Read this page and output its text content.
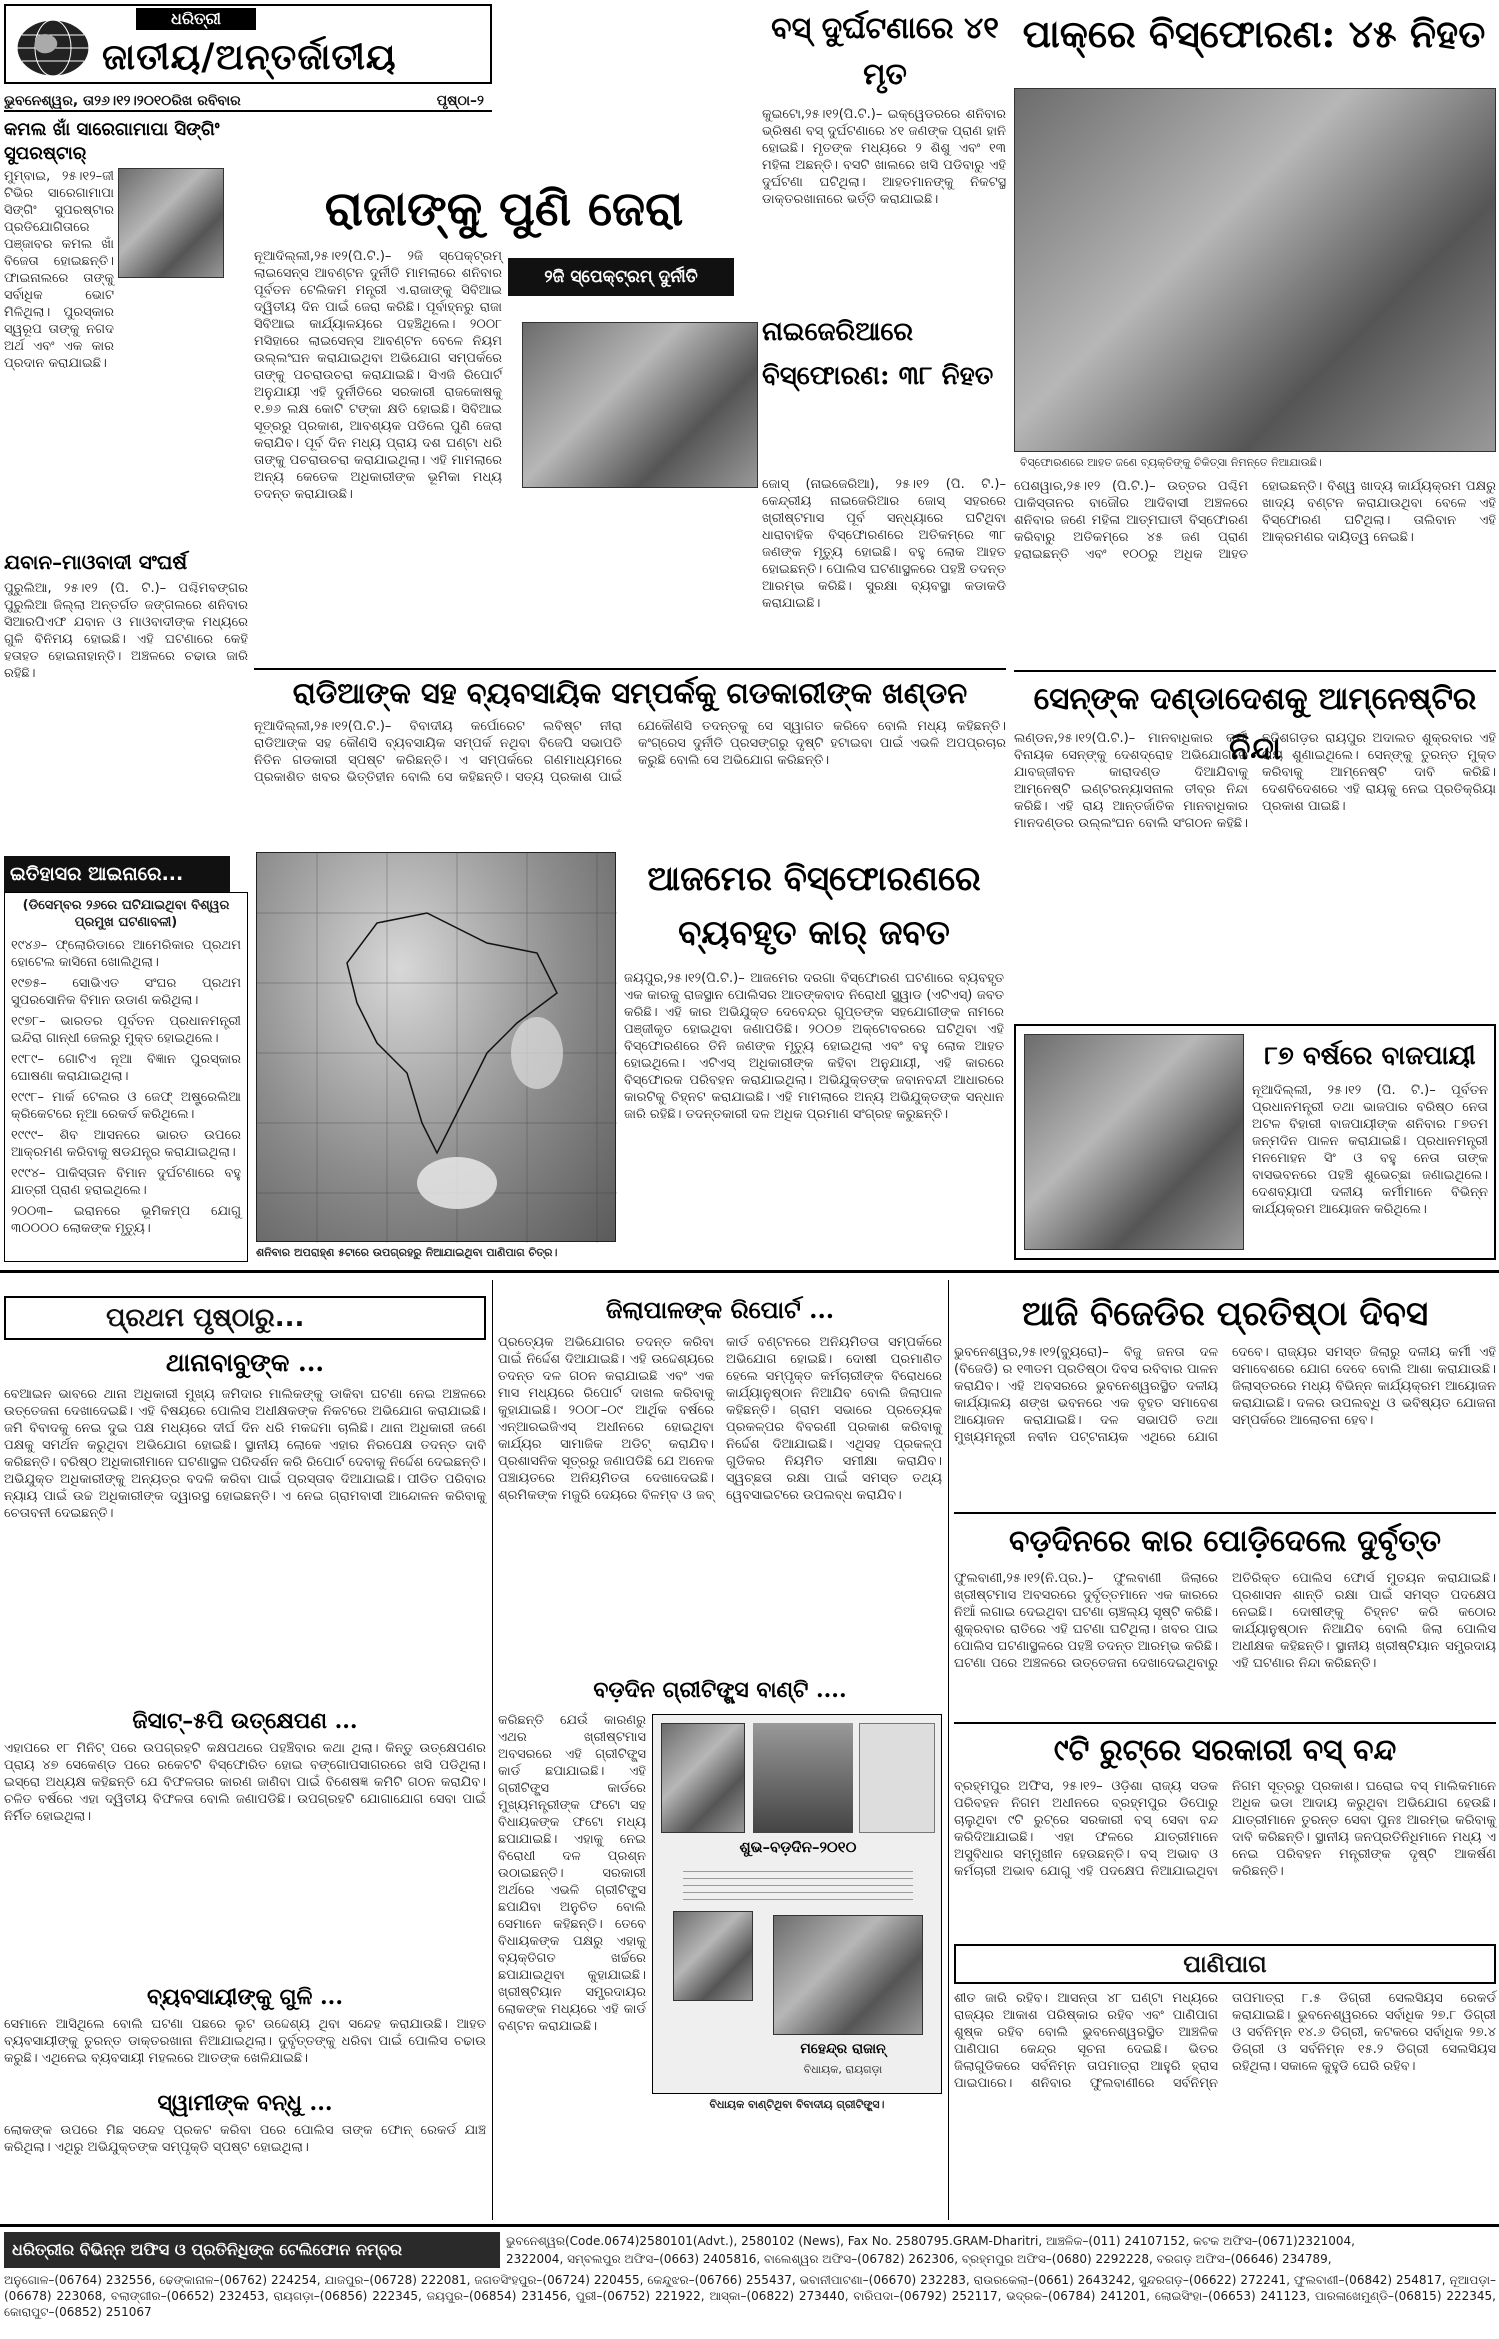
ଧରିତ୍ରୀ
ଜାତୀୟ/ଅନ୍ତର୍ଜାତୀୟ
ଭୁବନେଶ୍ୱର, ତା୨୬।୧୨।୨୦୧୦ରିଖ ରବିବାର	ପୃଷ୍ଠା–୨
ବସ୍ ଦୁର୍ଘଟଣାରେ ୪୧ ମୃତ
କୁଇଟୋ,୨୫।୧୨(ପି.ଟି.)– ଇକ୍ୱେଡରରେ ଶନିବାର ଭ୍ରିଷଣ ବସ୍ ଦୁର୍ଘଟଣାରେ ୪୧ ଜଣଙ୍କ ପ୍ରାଣ ହାନି ହୋଇଛି। ମୃତଙ୍କ ମଧ୍ୟରେ ୨ ଶିଶୁ ଏବଂ ୧୩ ମହିଳା ଅଛନ୍ତି। ବସଟି ଖାଲରେ ଖସି ପଡିବାରୁ ଏହି ଦୁର୍ଘଟଣା ଘଟିଥିଲା। ଆହତମାନଙ୍କୁ ନିକଟସ୍ଥ ଡାକ୍ତରଖାନାରେ ଭର୍ତ୍ତି କରାଯାଇଛି।
ପାକ୍‌ରେ ବିସ୍ଫୋରଣ: ୪୫ ନିହତ
ବିସ୍ଫୋରଣରେ ଆହତ ଜଣେ ବ୍ୟକ୍ତିଙ୍କୁ ଚିକିତ୍ସା ନିମନ୍ତେ ନିଆଯାଉଛି।
ପେଶୱାର,୨୫।୧୨ (ପି.ଟି.)– ଉତ୍ତର ପଶ୍ଚିମ ପାକିସ୍ତାନର ବାଜୌର ଆଦିବାସୀ ଅଞ୍ଚଳରେ ଶନିବାର ଜଣେ ମହିଳା ଆତ୍ମଘାତୀ ବିସ୍ଫୋରଣ କରିବାରୁ ଅତିକମ୍‌ରେ ୪୫ ଜଣ ପ୍ରାଣ ହରାଇଛନ୍ତି ଏବଂ ୧୦୦ରୁ ଅଧିକ ଆହତ ହୋଇଛନ୍ତି। ବିଶ୍ୱ ଖାଦ୍ୟ କାର୍ଯ୍ୟକ୍ରମ ପକ୍ଷରୁ ଖାଦ୍ୟ ବଣ୍ଟନ କରାଯାଉଥିବା ବେଳେ ଏହି ବିସ୍ଫୋରଣ ଘଟିଥିଲା। ତାଲିବାନ ଏହି ଆକ୍ରମଣର ଦାୟିତ୍ୱ ନେଇଛି।
କମଲ ଖାଁ ସାରେଗାମାପା ସିଙ୍ଗିଂ ସୁପରଷ୍ଟାର୍
ମୁମ୍ବାଇ, ୨୫।୧୨–ଜୀ ଟିଭିର ସାରେଗାମାପା ସିଙ୍ଗିଂ ସୁପରଷ୍ଟାର ପ୍ରତିଯୋଗିତାରେ ପଞ୍ଜାବର କମଲ ଖାଁ ବିଜେତା ହୋଇଛନ୍ତି। ଫାଇନାଲରେ ତାଙ୍କୁ ସର୍ବାଧିକ ଭୋଟ ମିଳିଥିଲା। ପୁରସ୍କାର ସ୍ୱରୂପ ତାଙ୍କୁ ନଗଦ ଅର୍ଥ ଏବଂ ଏକ କାର ପ୍ରଦାନ କରାଯାଇଛି।
ଯବାନ–ମାଓବାଦୀ ସଂଘର୍ଷ
ପୁରୁଲିଆ, ୨୫।୧୨ (ପି. ଟି.)– ପଶ୍ଚିମବଙ୍ଗର ପୁରୁଲିଆ ଜିଲ୍ଲା ଅନ୍ତର୍ଗତ ଜଙ୍ଗଲରେ ଶନିବାର ସିଆରପିଏଫ ଯବାନ ଓ ମାଓବାଦୀଙ୍କ ମଧ୍ୟରେ ଗୁଳି ବିନିମୟ ହୋଇଛି। ଏହି ଘଟଣାରେ କେହି ହତାହତ ହୋଇନାହାନ୍ତି। ଅଞ୍ଚଳରେ ଚଢାଉ ଜାରି ରହିଛି।
ରାଜାଙ୍କୁ ପୁଣି ଜେରା
୨ଜି ସ୍ପେକ୍‌ଟ୍ରମ୍ ଦୁର୍ନୀତି
ନୂଆଦିଲ୍ଲୀ,୨୫।୧୨(ପି.ଟି.)– ୨ଜି ସ୍ପେକ୍‌ଟ୍ରମ୍ ଲାଇସେନ୍ସ ଆବଣ୍ଟନ ଦୁର୍ନୀତି ମାମଲାରେ ଶନିବାର ପୂର୍ବତନ ଟେଲିକମ ମନ୍ତ୍ରୀ ଏ.ରାଜାଙ୍କୁ ସିବିଆଇ ଦ୍ୱିତୀୟ ଦିନ ପାଇଁ ଜେରା କରିଛି। ପୂର୍ବାହ୍ନରୁ ରାଜା ସିବିଆଇ କାର୍ଯ୍ୟାଳୟରେ ପହଞ୍ଚିଥିଲେ। ୨୦୦୮ ମସିହାରେ ଲାଇସେନ୍ସ ଆବଣ୍ଟନ ବେଳେ ନିୟମ ଉଲ୍ଲଂଘନ କରାଯାଇଥିବା ଅଭିଯୋଗ ସମ୍ପର୍କରେ ତାଙ୍କୁ ପଚରାଉଚରା କରାଯାଇଛି। ସିଏଜି ରିପୋର୍ଟ ଅନୁଯାୟୀ ଏହି ଦୁର୍ନୀତିରେ ସରକାରୀ ରାଜକୋଷକୁ ୧.୭୬ ଲକ୍ଷ କୋଟି ଟଙ୍କା କ୍ଷତି ହୋଇଛି। ସିବିଆଇ ସୂତ୍ରରୁ ପ୍ରକାଶ, ଆବଶ୍ୟକ ପଡିଲେ ପୁଣି ଜେରା କରାଯିବ। ପୂର୍ବ ଦିନ ମଧ୍ୟ ପ୍ରାୟ ଦଶ ଘଣ୍ଟା ଧରି ତାଙ୍କୁ ପଚରାଉଚରା କରାଯାଇଥିଲା। ଏହି ମାମଲାରେ ଅନ୍ୟ କେତେକ ଅଧିକାରୀଙ୍କ ଭୂମିକା ମଧ୍ୟ ତଦନ୍ତ କରାଯାଉଛି।
ନାଇଜେରିଆରେ ବିସ୍ଫୋରଣ: ୩୮ ନିହତ
ଜୋସ୍ (ନାଇଜେରିଆ), ୨୫।୧୨ (ପି. ଟି.)– କେନ୍ଦ୍ରୀୟ ନାଇଜେରିଆର ଜୋସ୍ ସହରରେ ଖ୍ରୀଷ୍ଟମାସ ପୂର୍ବ ସନ୍ଧ୍ୟାରେ ଘଟିଥିବା ଧାରାବାହିକ ବିସ୍ଫୋରଣରେ ଅତିକମ୍‌ରେ ୩୮ ଜଣଙ୍କ ମୃତ୍ୟୁ ହୋଇଛି। ବହୁ ଲୋକ ଆହତ ହୋଇଛନ୍ତି। ପୋଲିସ ଘଟଣାସ୍ଥଳରେ ପହଞ୍ଚି ତଦନ୍ତ ଆରମ୍ଭ କରିଛି। ସୁରକ୍ଷା ବ୍ୟବସ୍ଥା କଡାକଡି କରାଯାଇଛି।
ରାଡିଆଙ୍କ ସହ ବ୍ୟବସାୟିକ ସମ୍ପର୍କକୁ ଗଡକାରୀଙ୍କ ଖଣ୍ଡନ
ନୂଆଦିଲ୍ଲୀ,୨୫।୧୨(ପି.ଟି.)– ବିବାଦୀୟ କର୍ପୋରେଟ ଲବିଷ୍ଟ ନୀରା ରାଡିଆଙ୍କ ସହ କୌଣସି ବ୍ୟବସାୟିକ ସମ୍ପର୍କ ନଥିବା ବିଜେପି ସଭାପତି ନିତିନ ଗଡକାରୀ ସ୍ପଷ୍ଟ କରିଛନ୍ତି। ଏ ସମ୍ପର୍କରେ ଗଣମାଧ୍ୟମରେ ପ୍ରକାଶିତ ଖବର ଭିତ୍ତିହୀନ ବୋଲି ସେ କହିଛନ୍ତି। ସତ୍ୟ ପ୍ରକାଶ ପାଇଁ ଯେକୌଣସି ତଦନ୍ତକୁ ସେ ସ୍ୱାଗତ କରିବେ ବୋଲି ମଧ୍ୟ କହିଛନ୍ତି। କଂଗ୍ରେସ ଦୁର୍ନୀତି ପ୍ରସଙ୍ଗରୁ ଦୃଷ୍ଟି ହଟାଇବା ପାଇଁ ଏଭଳି ଅପପ୍ରଚାର କରୁଛି ବୋଲି ସେ ଅଭିଯୋଗ କରିଛନ୍ତି।
ସେନ୍‌ଙ୍କ ଦଣ୍ଡାଦେଶକୁ ଆମ୍‌ନେଷ୍ଟିର ନିନ୍ଦା
ଲଣ୍ଡନ,୨୫।୧୨(ପି.ଟି.)– ମାନବାଧିକାର କର୍ମୀ ବିନାୟକ ସେନ୍‌ଙ୍କୁ ଦେଶଦ୍ରୋହ ଅଭିଯୋଗରେ ଯାବଜ୍ଜୀବନ କାରାଦଣ୍ଡ ଦିଆଯିବାକୁ ଆମ୍‌ନେଷ୍ଟି ଇଣ୍ଟରନ୍ୟାସନାଲ ତୀବ୍ର ନିନ୍ଦା କରିଛି। ଏହି ରାୟ ଆନ୍ତର୍ଜାତିକ ମାନବାଧିକାର ମାନଦଣ୍ଡର ଉଲ୍ଲଂଘନ ବୋଲି ସଂଗଠନ କହିଛି। ଛତିଶଗଡ଼ର ରାୟପୁର ଅଦାଲତ ଶୁକ୍ରବାର ଏହି ରାୟ ଶୁଣାଇଥିଲେ। ସେନ୍‌ଙ୍କୁ ତୁରନ୍ତ ମୁକ୍ତ କରିବାକୁ ଆମ୍‌ନେଷ୍ଟି ଦାବି କରିଛି। ଦେଶବିଦେଶରେ ଏହି ରାୟକୁ ନେଇ ପ୍ରତିକ୍ରିୟା ପ୍ରକାଶ ପାଇଛି।
ଇତିହାସର ଆଇନାରେ...
(ଡିସେମ୍ବର ୨୬ରେ ଘଟିଯାଇଥିବା ବିଶ୍ୱର ପ୍ରମୁଖ ଘଟଣାବଳୀ)
୧୯୪୬– ଫ୍ଲୋରିଡାରେ ଆମେରିକାର ପ୍ରଥମ ହୋଟେଲ କାସିନୋ ଖୋଲିଥିଲା।
୧୯୭୫– ସୋଭିଏତ ସଂଘର ପ୍ରଥମ ସୁପରସୋନିକ ବିମାନ ଉଡାଣ କରିଥିଲା।
୧୯୭୮– ଭାରତର ପୂର୍ବତନ ପ୍ରଧାନମନ୍ତ୍ରୀ ଇନ୍ଦିରା ଗାନ୍ଧୀ ଜେଲରୁ ମୁକ୍ତ ହୋଇଥିଲେ।
୧୯୮୯– ଗୋଟିଏ ନୂଆ ବିଜ୍ଞାନ ପୁରସ୍କାର ଘୋଷଣା କରାଯାଇଥିଲା।
୧୯୯୮– ମାର୍କ ଟେଲର ଓ ଜେଫ୍ ଅଷ୍ଟ୍ରେଲିଆ କ୍ରିକେଟରେ ନୂଆ ରେକର୍ଡ କରିଥିଲେ।
୧୯୯୯– ଶିବ ଆସନରେ ଭାରତ ଉପରେ ଆକ୍ରମଣ କରିବାକୁ ଷଡଯନ୍ତ୍ର କରାଯାଇଥିଲା।
୧୯୯୪– ପାକିସ୍ତାନ ବିମାନ ଦୁର୍ଘଟଣାରେ ବହୁ ଯାତ୍ରୀ ପ୍ରାଣ ହରାଇଥିଲେ।
୨୦୦୩– ଇରାନରେ ଭୂମିକମ୍ପ ଯୋଗୁ ୩୦୦୦୦ ଲୋକଙ୍କ ମୃତ୍ୟୁ।
ଶନିବାର ଅପରାହ୍ଣ ୫ଟାରେ ଉପଗ୍ରହରୁ ନିଆଯାଇଥିବା ପାଣିପାଗ ଚିତ୍ର।
ଆଜମେର ବିସ୍ଫୋରଣରେ ବ୍ୟବହୃତ କାର୍ ଜବତ
ଜୟପୁର,୨୫।୧୨(ପି.ଟି.)– ଆଜମେର ଦରଗା ବିସ୍ଫୋରଣ ଘଟଣାରେ ବ୍ୟବହୃତ ଏକ କାରକୁ ରାଜସ୍ଥାନ ପୋଲିସର ଆତଙ୍କବାଦ ନିରୋଧୀ ସ୍କ୍ୱାଡ (ଏଟିଏସ୍) ଜବତ କରିଛି। ଏହି କାର ଅଭିଯୁକ୍ତ ଦେବେନ୍ଦ୍ର ଗୁପ୍ତଙ୍କ ସହଯୋଗୀଙ୍କ ନାମରେ ପଞ୍ଜୀକୃତ ହୋଇଥିବା ଜଣାପଡିଛି। ୨୦୦୭ ଅକ୍ଟୋବରରେ ଘଟିଥିବା ଏହି ବିସ୍ଫୋରଣରେ ତିନି ଜଣଙ୍କ ମୃତ୍ୟୁ ହୋଇଥିଲା ଏବଂ ବହୁ ଲୋକ ଆହତ ହୋଇଥିଲେ। ଏଟିଏସ୍ ଅଧିକାରୀଙ୍କ କହିବା ଅନୁଯାୟୀ, ଏହି କାରରେ ବିସ୍ଫୋରକ ପରିବହନ କରାଯାଇଥିଲା। ଅଭିଯୁକ୍ତଙ୍କ ଜବାନବନ୍ଦୀ ଆଧାରରେ କାରଟିକୁ ଚିହ୍ନଟ କରାଯାଇଛି। ଏହି ମାମଲାରେ ଅନ୍ୟ ଅଭିଯୁକ୍ତଙ୍କ ସନ୍ଧାନ ଜାରି ରହିଛି। ତଦନ୍ତକାରୀ ଦଳ ଅଧିକ ପ୍ରମାଣ ସଂଗ୍ରହ କରୁଛନ୍ତି।
୮୭ ବର୍ଷରେ ବାଜପାୟୀ
ନୂଆଦିଲ୍ଲୀ, ୨୫।୧୨ (ପି. ଟି.)– ପୂର୍ବତନ ପ୍ରଧାନମନ୍ତ୍ରୀ ତଥା ଭାଜପାର ବରିଷ୍ଠ ନେତା ଅଟଳ ବିହାରୀ ବାଜପାୟୀଙ୍କ ଶନିବାର ୮୭ତମ ଜନ୍ମଦିନ ପାଳନ କରାଯାଇଛି। ପ୍ରଧାନମନ୍ତ୍ରୀ ମନମୋହନ ସିଂ ଓ ବହୁ ନେତା ତାଙ୍କ ବାସଭବନରେ ପହଞ୍ଚି ଶୁଭେଚ୍ଛା ଜଣାଇଥିଲେ। ଦେଶବ୍ୟାପୀ ଦଳୀୟ କର୍ମୀମାନେ ବିଭିନ୍ନ କାର୍ଯ୍ୟକ୍ରମ ଆୟୋଜନ କରିଥିଲେ।
ପ୍ରଥମ ପୃଷ୍ଠାରୁ...
ଥାନାବାବୁଙ୍କ ...
ବେଆଇନ ଭାବରେ ଥାନା ଅଧିକାରୀ ମୁଖ୍ୟ ଜମିଦାର ମାଲିକଙ୍କୁ ଡାକିବା ଘଟଣା ନେଇ ଅଞ୍ଚଳରେ ଉତ୍ତେଜନା ଦେଖାଦେଇଛି। ଏହି ବିଷୟରେ ପୋଲିସ ଅଧୀକ୍ଷକଙ୍କ ନିକଟରେ ଅଭିଯୋଗ କରାଯାଇଛି। ଜମି ବିବାଦକୁ ନେଇ ଦୁଇ ପକ୍ଷ ମଧ୍ୟରେ ଦୀର୍ଘ ଦିନ ଧରି ମକଦ୍ଦମା ଚାଲିଛି। ଥାନା ଅଧିକାରୀ ଜଣେ ପକ୍ଷକୁ ସମର୍ଥନ କରୁଥିବା ଅଭିଯୋଗ ହୋଇଛି। ସ୍ଥାନୀୟ ଲୋକେ ଏହାର ନିରପେକ୍ଷ ତଦନ୍ତ ଦାବି କରିଛନ୍ତି। ବରିଷ୍ଠ ଅଧିକାରୀମାନେ ଘଟଣାସ୍ଥଳ ପରିଦର୍ଶନ କରି ରିପୋର୍ଟ ଦେବାକୁ ନିର୍ଦ୍ଦେଶ ଦେଇଛନ୍ତି। ଅଭିଯୁକ୍ତ ଅଧିକାରୀଙ୍କୁ ଅନ୍ୟତ୍ର ବଦଳି କରିବା ପାଇଁ ପ୍ରସ୍ତାବ ଦିଆଯାଇଛି। ପୀଡିତ ପରିବାର ନ୍ୟାୟ ପାଇଁ ଉଚ୍ଚ ଅଧିକାରୀଙ୍କ ଦ୍ୱାରସ୍ଥ ହୋଇଛନ୍ତି। ଏ ନେଇ ଗ୍ରାମବାସୀ ଆନ୍ଦୋଳନ କରିବାକୁ ଚେତାବନୀ ଦେଇଛନ୍ତି।
ଜିସାଟ୍–୫ପି ଉତ୍କ୍ଷେପଣ ...
ଏହାପରେ ୧୮ ମିନିଟ୍ ପରେ ଉପଗ୍ରହଟି କକ୍ଷପଥରେ ପହଞ୍ଚିବାର କଥା ଥିଲା। କିନ୍ତୁ ଉତ୍କ୍ଷେପଣର ପ୍ରାୟ ୪୭ ସେକେଣ୍ଡ ପରେ ରକେଟଟି ବିସ୍ଫୋରିତ ହୋଇ ବଙ୍ଗୋପସାଗରରେ ଖସି ପଡିଥିଲା। ଇସ୍ରୋ ଅଧ୍ୟକ୍ଷ କହିଛନ୍ତି ଯେ ବିଫଳତାର କାରଣ ଜାଣିବା ପାଇଁ ବିଶେଷଜ୍ଞ କମିଟି ଗଠନ କରାଯିବ। ଚଳିତ ବର୍ଷରେ ଏହା ଦ୍ୱିତୀୟ ବିଫଳତା ବୋଲି ଜଣାପଡିଛି। ଉପଗ୍ରହଟି ଯୋଗାଯୋଗ ସେବା ପାଇଁ ନିର୍ମିତ ହୋଇଥିଲା।
ବ୍ୟବସାୟୀଙ୍କୁ ଗୁଳି ...
ସେମାନେ ଆସିଥିଲେ ବୋଲି ଘଟଣା ପଛରେ ଲୁଟ ଉଦ୍ଦେଶ୍ୟ ଥିବା ସନ୍ଦେହ କରାଯାଉଛି। ଆହତ ବ୍ୟବସାୟୀଙ୍କୁ ତୁରନ୍ତ ଡାକ୍ତରଖାନା ନିଆଯାଇଥିଲା। ଦୁର୍ବୃତ୍ତଙ୍କୁ ଧରିବା ପାଇଁ ପୋଲିସ ଚଢାଉ କରୁଛି। ଏଥିନେଇ ବ୍ୟବସାୟୀ ମହଲରେ ଆତଙ୍କ ଖେଳିଯାଇଛି।
ସ୍ୱାମୀଙ୍କ ବନ୍ଧୁ ...
ଲୋକଙ୍କ ଉପରେ ମିଛ ସନ୍ଦେହ ପ୍ରକଟ କରିବା ପରେ ପୋଲିସ ତାଙ୍କ ଫୋନ୍ ରେକର୍ଡ ଯାଞ୍ଚ କରିଥିଲା। ଏଥିରୁ ଅଭିଯୁକ୍ତଙ୍କ ସମ୍ପୃକ୍ତି ସ୍ପଷ୍ଟ ହୋଇଥିଲା।
ଜିଲାପାଳଙ୍କ ରିପୋର୍ଟ ...
ପ୍ରତ୍ୟେକ ଅଭିଯୋଗର ତଦନ୍ତ କରିବା ପାଇଁ ନିର୍ଦ୍ଦେଶ ଦିଆଯାଇଛି। ଏହି ଉଦ୍ଦେଶ୍ୟରେ ତଦନ୍ତ ଦଳ ଗଠନ କରାଯାଇଛି ଏବଂ ଏକ ମାସ ମଧ୍ୟରେ ରିପୋର୍ଟ ଦାଖଲ କରିବାକୁ କୁହାଯାଇଛି। ୨୦୦୮–୦୯ ଆର୍ଥିକ ବର୍ଷରେ ଏନ୍‌ଆରଇଜିଏସ୍ ଅଧୀନରେ ହୋଇଥିବା କାର୍ଯ୍ୟର ସାମାଜିକ ଅଡିଟ୍ କରାଯିବ। ପ୍ରଶାସନିକ ସୂତ୍ରରୁ ଜଣାପଡିଛି ଯେ ଅନେକ ପଞ୍ଚାୟତରେ ଅନିୟମିତତା ଦେଖାଦେଇଛି। ଶ୍ରମିକଙ୍କ ମଜୁରି ଦେୟରେ ବିଳମ୍ବ ଓ ଜବ୍ କାର୍ଡ ବଣ୍ଟନରେ ଅନିୟମିତତା ସମ୍ପର୍କରେ ଅଭିଯୋଗ ହୋଇଛି। ଦୋଷୀ ପ୍ରମାଣିତ ହେଲେ ସମ୍ପୃକ୍ତ କର୍ମଚାରୀଙ୍କ ବିରୋଧରେ କାର୍ଯ୍ୟାନୁଷ୍ଠାନ ନିଆଯିବ ବୋଲି ଜିଲାପାଳ କହିଛନ୍ତି। ଗ୍ରାମ ସଭାରେ ପ୍ରତ୍ୟେକ ପ୍ରକଳ୍ପର ବିବରଣୀ ପ୍ରକାଶ କରିବାକୁ ନିର୍ଦ୍ଦେଶ ଦିଆଯାଇଛି। ଏଥିସହ ପ୍ରକଳ୍ପ ଗୁଡିକର ନିୟମିତ ସମୀକ୍ଷା କରାଯିବ। ସ୍ୱଚ୍ଛତା ରକ୍ଷା ପାଇଁ ସମସ୍ତ ତଥ୍ୟ ୱେବସାଇଟରେ ଉପଲବ୍ଧ କରାଯିବ।
ବଡ଼ଦିନ ଗ୍ରୀଟିଙ୍ଗ୍ସ ବାଣ୍ଟି ....
କରିଛନ୍ତି ଯେଉଁ କାରଣରୁ ଏଥର ଖ୍ରୀଷ୍ଟମାସ ଅବସରରେ ଏହି ଗ୍ରୀଟିଙ୍ଗ୍ସ କାର୍ଡ ଛପାଯାଇଛି। ଏହି ଗ୍ରୀଟିଙ୍ଗ୍ସ କାର୍ଡରେ ମୁଖ୍ୟମନ୍ତ୍ରୀଙ୍କ ଫଟୋ ସହ ବିଧାୟକଙ୍କ ଫଟୋ ମଧ୍ୟ ଛପାଯାଇଛି। ଏହାକୁ ନେଇ ବିରୋଧୀ ଦଳ ପ୍ରଶ୍ନ ଉଠାଇଛନ୍ତି। ସରକାରୀ ଅର୍ଥରେ ଏଭଳି ଗ୍ରୀଟିଙ୍ଗ୍ସ ଛପାଯିବା ଅନୁଚିତ ବୋଲି ସେମାନେ କହିଛନ୍ତି। ତେବେ ବିଧାୟକଙ୍କ ପକ୍ଷରୁ ଏହାକୁ ବ୍ୟକ୍ତିଗତ ଖର୍ଚ୍ଚରେ ଛପାଯାଇଥିବା କୁହାଯାଇଛି। ଖ୍ରୀଷ୍ଟିୟାନ ସମ୍ପ୍ରଦାୟର ଲୋକଙ୍କ ମଧ୍ୟରେ ଏହି କାର୍ଡ ବଣ୍ଟନ କରାଯାଇଛି।
ଶୁଭ–ବଡ଼ଦିନ–୨୦୧୦
ମହେନ୍ଦ୍ର ରାଜାନ୍
ବିଧାୟକ, ରାୟଗଡ଼ା
ବିଧାୟକ ବାଣ୍ଟିଥିବା ବିବାଦୀୟ ଗ୍ରୀଟିଙ୍ଗ୍ସ।
ଆଜି ବିଜେଡିର ପ୍ରତିଷ୍ଠା ଦିବସ
ଭୁବନେଶ୍ୱର,୨୫।୧୨(ବ୍ୟୁରୋ)– ବିଜୁ ଜନତା ଦଳ (ବିଜେଡି) ର ୧୩ତମ ପ୍ରତିଷ୍ଠା ଦିବସ ରବିବାର ପାଳନ କରାଯିବ। ଏହି ଅବସରରେ ଭୁବନେଶ୍ୱରସ୍ଥିତ ଦଳୀୟ କାର୍ଯ୍ୟାଳୟ ଶଙ୍ଖ ଭବନରେ ଏକ ବୃହତ ସମାବେଶ ଆୟୋଜନ କରାଯାଇଛି। ଦଳ ସଭାପତି ତଥା ମୁଖ୍ୟମନ୍ତ୍ରୀ ନବୀନ ପଟ୍ଟନାୟକ ଏଥିରେ ଯୋଗ ଦେବେ। ରାଜ୍ୟର ସମସ୍ତ ଜିଲାରୁ ଦଳୀୟ କର୍ମୀ ଏହି ସମାବେଶରେ ଯୋଗ ଦେବେ ବୋଲି ଆଶା କରାଯାଉଛି। ଜିଲାସ୍ତରରେ ମଧ୍ୟ ବିଭିନ୍ନ କାର୍ଯ୍ୟକ୍ରମ ଆୟୋଜନ କରାଯାଇଛି। ଦଳର ଉପଲବ୍ଧି ଓ ଭବିଷ୍ୟତ ଯୋଜନା ସମ୍ପର୍କରେ ଆଲୋଚନା ହେବ।
ବଡ଼ଦିନରେ କାର ପୋଡ଼ିଦେଲେ ଦୁର୍ବୃତ୍ତ
ଫୁଲବାଣୀ,୨୫।୧୨(ନି.ପ୍ର.)– ଫୁଲବାଣୀ ଜିଲାରେ ଖ୍ରୀଷ୍ଟମାସ ଅବସରରେ ଦୁର୍ବୃତ୍ତମାନେ ଏକ କାରରେ ନିଆଁ ଲଗାଇ ଦେଇଥିବା ଘଟଣା ଚାଞ୍ଚଲ୍ୟ ସୃଷ୍ଟି କରିଛି। ଶୁକ୍ରବାର ରାତିରେ ଏହି ଘଟଣା ଘଟିଥିଲା। ଖବର ପାଇ ପୋଲିସ ଘଟଣାସ୍ଥଳରେ ପହଞ୍ଚି ତଦନ୍ତ ଆରମ୍ଭ କରିଛି। ଘଟଣା ପରେ ଅଞ୍ଚଳରେ ଉତ୍ତେଜନା ଦେଖାଦେଇଥିବାରୁ ଅତିରିକ୍ତ ପୋଲିସ ଫୋର୍ସ ମୁତୟନ କରାଯାଇଛି। ପ୍ରଶାସନ ଶାନ୍ତି ରକ୍ଷା ପାଇଁ ସମସ୍ତ ପଦକ୍ଷେପ ନେଇଛି। ଦୋଷୀଙ୍କୁ ଚିହ୍ନଟ କରି କଠୋର କାର୍ଯ୍ୟାନୁଷ୍ଠାନ ନିଆଯିବ ବୋଲି ଜିଲା ପୋଲିସ ଅଧୀକ୍ଷକ କହିଛନ୍ତି। ସ୍ଥାନୀୟ ଖ୍ରୀଷ୍ଟିୟାନ ସମ୍ପ୍ରଦାୟ ଏହି ଘଟଣାର ନିନ୍ଦା କରିଛନ୍ତି।
୯ଟି ରୁଟ୍‌ରେ ସରକାରୀ ବସ୍ ବନ୍ଦ
ବ୍ରହ୍ମପୁର ଅଫିସ, ୨୫।୧୨– ଓଡ଼ିଶା ରାଜ୍ୟ ସଡକ ପରିବହନ ନିଗମ ଅଧୀନରେ ବ୍ରହ୍ମପୁର ଡିପୋରୁ ଚାଲୁଥିବା ୯ଟି ରୁଟ୍‌ରେ ସରକାରୀ ବସ୍ ସେବା ବନ୍ଦ କରିଦିଆଯାଇଛି। ଏହା ଫଳରେ ଯାତ୍ରୀମାନେ ଅସୁବିଧାର ସମ୍ମୁଖୀନ ହେଉଛନ୍ତି। ବସ୍ ଅଭାବ ଓ କର୍ମଚାରୀ ଅଭାବ ଯୋଗୁ ଏହି ପଦକ୍ଷେପ ନିଆଯାଇଥିବା ନିଗମ ସୂତ୍ରରୁ ପ୍ରକାଶ। ଘରୋଇ ବସ୍ ମାଲିକମାନେ ଅଧିକ ଭଡା ଆଦାୟ କରୁଥିବା ଅଭିଯୋଗ ହେଉଛି। ଯାତ୍ରୀମାନେ ତୁରନ୍ତ ସେବା ପୁନଃ ଆରମ୍ଭ କରିବାକୁ ଦାବି କରିଛନ୍ତି। ସ୍ଥାନୀୟ ଜନପ୍ରତିନିଧିମାନେ ମଧ୍ୟ ଏ ନେଇ ପରିବହନ ମନ୍ତ୍ରୀଙ୍କ ଦୃଷ୍ଟି ଆକର୍ଷଣ କରିଛନ୍ତି।
ପାଣିପାଗ
ଶୀତ ଜାରି ରହିବ। ଆସନ୍ତା ୪୮ ଘଣ୍ଟା ମଧ୍ୟରେ ରାଜ୍ୟର ଆକାଶ ପରିଷ୍କାର ରହିବ ଏବଂ ପାଣିପାଗ ଶୁଷ୍କ ରହିବ ବୋଲି ଭୁବନେଶ୍ୱରସ୍ଥିତ ଆଞ୍ଚଳିକ ପାଣିପାଗ କେନ୍ଦ୍ର ସୂଚନା ଦେଇଛି। ଭିତର ଜିଲାଗୁଡିକରେ ସର୍ବନିମ୍ନ ତାପମାତ୍ରା ଆହୁରି ହ୍ରାସ ପାଇପାରେ। ଶନିବାର ଫୁଲବାଣୀରେ ସର୍ବନିମ୍ନ ତାପମାତ୍ରା ୮.୫ ଡିଗ୍ରୀ ସେଲସିୟସ ରେକର୍ଡ କରାଯାଇଛି। ଭୁବନେଶ୍ୱରରେ ସର୍ବାଧିକ ୨୭.୮ ଡିଗ୍ରୀ ଓ ସର୍ବନିମ୍ନ ୧୪.୬ ଡିଗ୍ରୀ, କଟକରେ ସର୍ବାଧିକ ୨୭.୪ ଡିଗ୍ରୀ ଓ ସର୍ବନିମ୍ନ ୧୫.୨ ଡିଗ୍ରୀ ସେଲସିୟସ ରହିଥିଲା। ସକାଳେ କୁହୁଡି ଘେରି ରହିବ।
ଧରିତ୍ରୀର ବିଭିନ୍ନ ଅଫିସ ଓ ପ୍ରତିନିଧିଙ୍କ ଟେଲିଫୋନ ନମ୍ବର	ଭୁବନେଶ୍ୱର(Code.0674)2580101(Advt.), 2580102 (News), Fax No. 2580795.GRAM-Dharitri, ଆଞ୍ଚଳିକ–(011) 24107152, କଟକ ଅଫିସ–(0671)2321004,
2322004, ସମ୍ବଲପୁର ଅଫିସ–(0663) 2405816, ବାଲେଶ୍ୱର ଅଫିସ–(06782) 262306, ବ୍ରହ୍ମପୁର ଅଫିସ–(0680) 2292228, ବରଗଡ଼ ଅଫିସ–(06646) 234789,
ଅନୁଗୋଳ–(06764) 232556, ଢେଙ୍କାନାଳ–(06762) 224254, ଯାଜପୁର–(06728) 222081, ଜଗତସିଂହପୁର–(06724) 220455, କେନ୍ଦୁଝର–(06766) 255437, ଭବାନୀପାଟଣା–(06670) 232283, ରାଉରକେଲା–(0661) 2643242, ସୁନ୍ଦରଗଡ଼–(06622) 272241, ଫୁଲବାଣୀ–(06842) 254817, ନୂଆପଡ଼ା–(06678) 223068, ବଲାଙ୍ଗୀର–(06652) 232453, ରାୟଗଡ଼ା–(06856) 222345, ଜୟପୁର–(06854) 231456, ପୁରୀ–(06752) 221922, ଆସ୍କା–(06822) 273440, ବାରିପଦା–(06792) 252117, ଭଦ୍ରକ–(06784) 241201, ଲୋଇସିଂହା–(06653) 241123, ପାରଳାଖେମୁଣ୍ଡି–(06815) 222345, କୋରାପୁଟ–(06852) 251067
